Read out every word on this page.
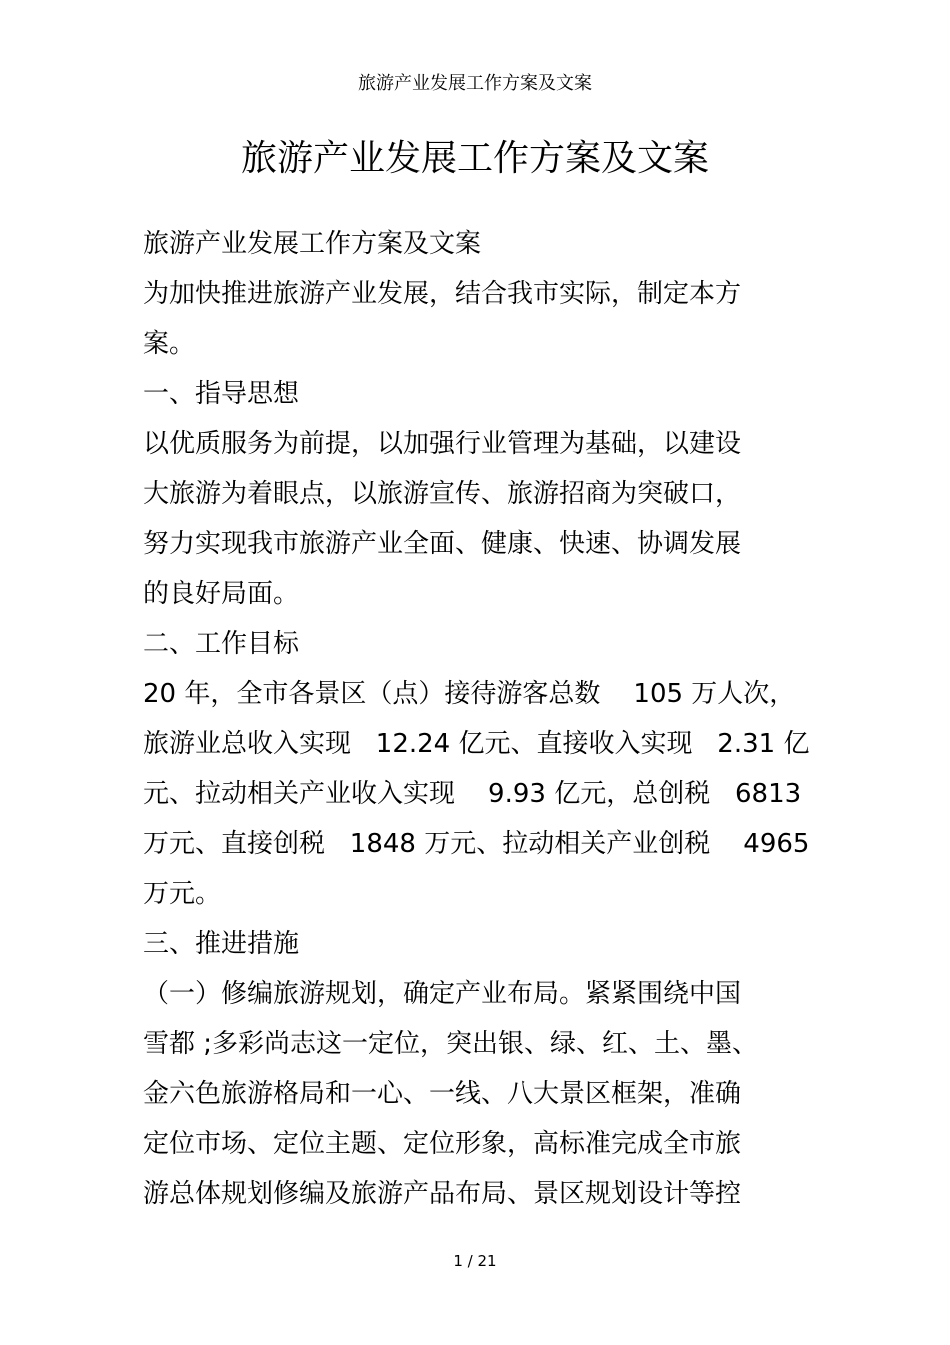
旅游产业发展工作方案及文案
旅游产业发展工作方案及文案
旅游产业发展工作方案及文案
为加快推进旅游产业发展，结合我市实际，制定本方
案。
一、指导思想
以优质服务为前提，以加强行业管理为基础，以建设
大旅游为着眼点，以旅游宣传、旅游招商为突破口，
努力实现我市旅游产业全面、健康、快速、协调发展
的良好局面。
二、工作目标
20 年，全市各景区（点）接待游客总数    105 万人次，
旅游业总收入实现   12.24 亿元、直接收入实现   2.31 亿
元、拉动相关产业收入实现    9.93 亿元，总创税   6813
万元、直接创税   1848 万元、拉动相关产业创税    4965
万元。
三、推进措施
（一）修编旅游规划，确定产业布局。紧紧围绕中国
雪都 ;多彩尚志这一定位，突出银、绿、红、土、墨、
金六色旅游格局和一心、一线、八大景区框架，准确
定位市场、定位主题、定位形象，高标准完成全市旅
游总体规划修编及旅游产品布局、景区规划设计等控
1 / 21
